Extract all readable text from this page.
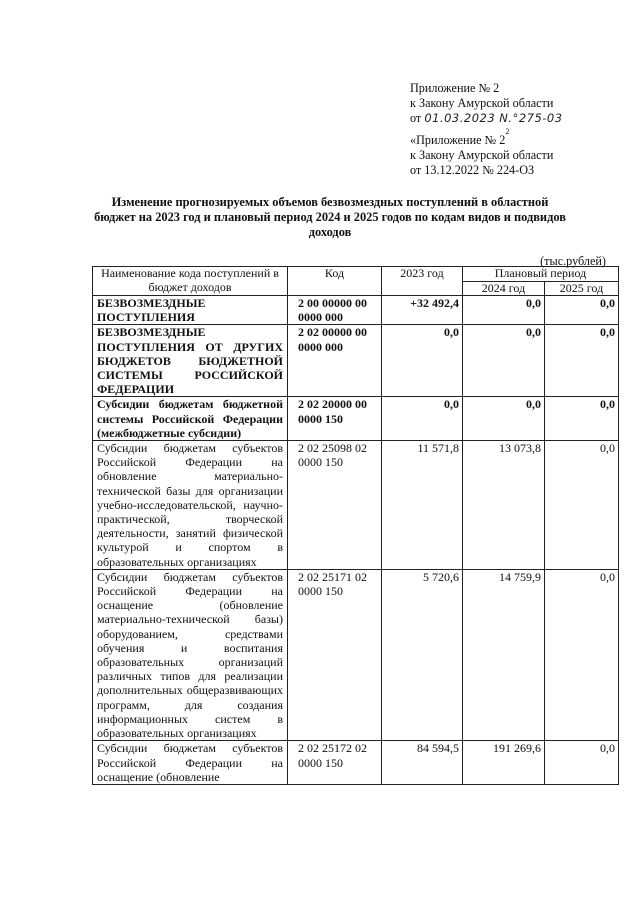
Приложение № 2
к Закону Амурской области
от 01.03.2023 N.°275-03
«Приложение № $2^2$
к Закону Амурской области
от 13.12.2022 № 224-ОЗ
Изменение прогнозируемых объемов безвозмездных поступлений в областной бюджет на 2023 год и плановый период 2024 и 2025 годов по кодам видов и подвидов доходов
(тыс.рублей)
Наименование кода поступлений в бюджет доходов	Код	2023 год	Плановый период	
			2024 год	2025 год
БЕЗВОЗМЕЗДНЫЕ ПОСТУПЛЕНИЯ	2 00 00000 00 0000 000	+32 492,4	0,0	0,0
БЕЗВОЗМЕЗДНЫЕ ПОСТУПЛЕНИЯ ОТ ДРУГИХ БЮДЖЕТОВ БЮДЖЕТНОЙ СИСТЕМЫ РОССИЙСКОЙ ФЕДЕРАЦИИ	2 02 00000 00 0000 000	0,0	0,0	0,0
Субсидии бюджетам бюджетной системы Российской Федерации (межбюджетные субсидии)	2 02 20000 00 0000 150	0,0	0,0	0,0
Субсидии бюджетам субъектов Российской Федерации на обновление материально-технической базы для организации учебно-исследовательской, научно-практической, творческой деятельности, занятий физической культурой и спортом в образовательных организациях	2 02 25098 02 0000 150	11 571,8	13 073,8	0,0
Субсидии бюджетам субъектов Российской Федерации на оснащение (обновление материально-технической базы) оборудованием, средствами обучения и воспитания образовательных организаций различных типов для реализации дополнительных общеразвивающих программ, для создания информационных систем в образовательных организациях	2 02 25171 02 0000 150	5 720,6	14 759,9	0,0
Субсидии бюджетам субъектов Российской Федерации на оснащение (обновление	2 02 25172 02 0000 150	84 594,5	191 269,6	0,0
